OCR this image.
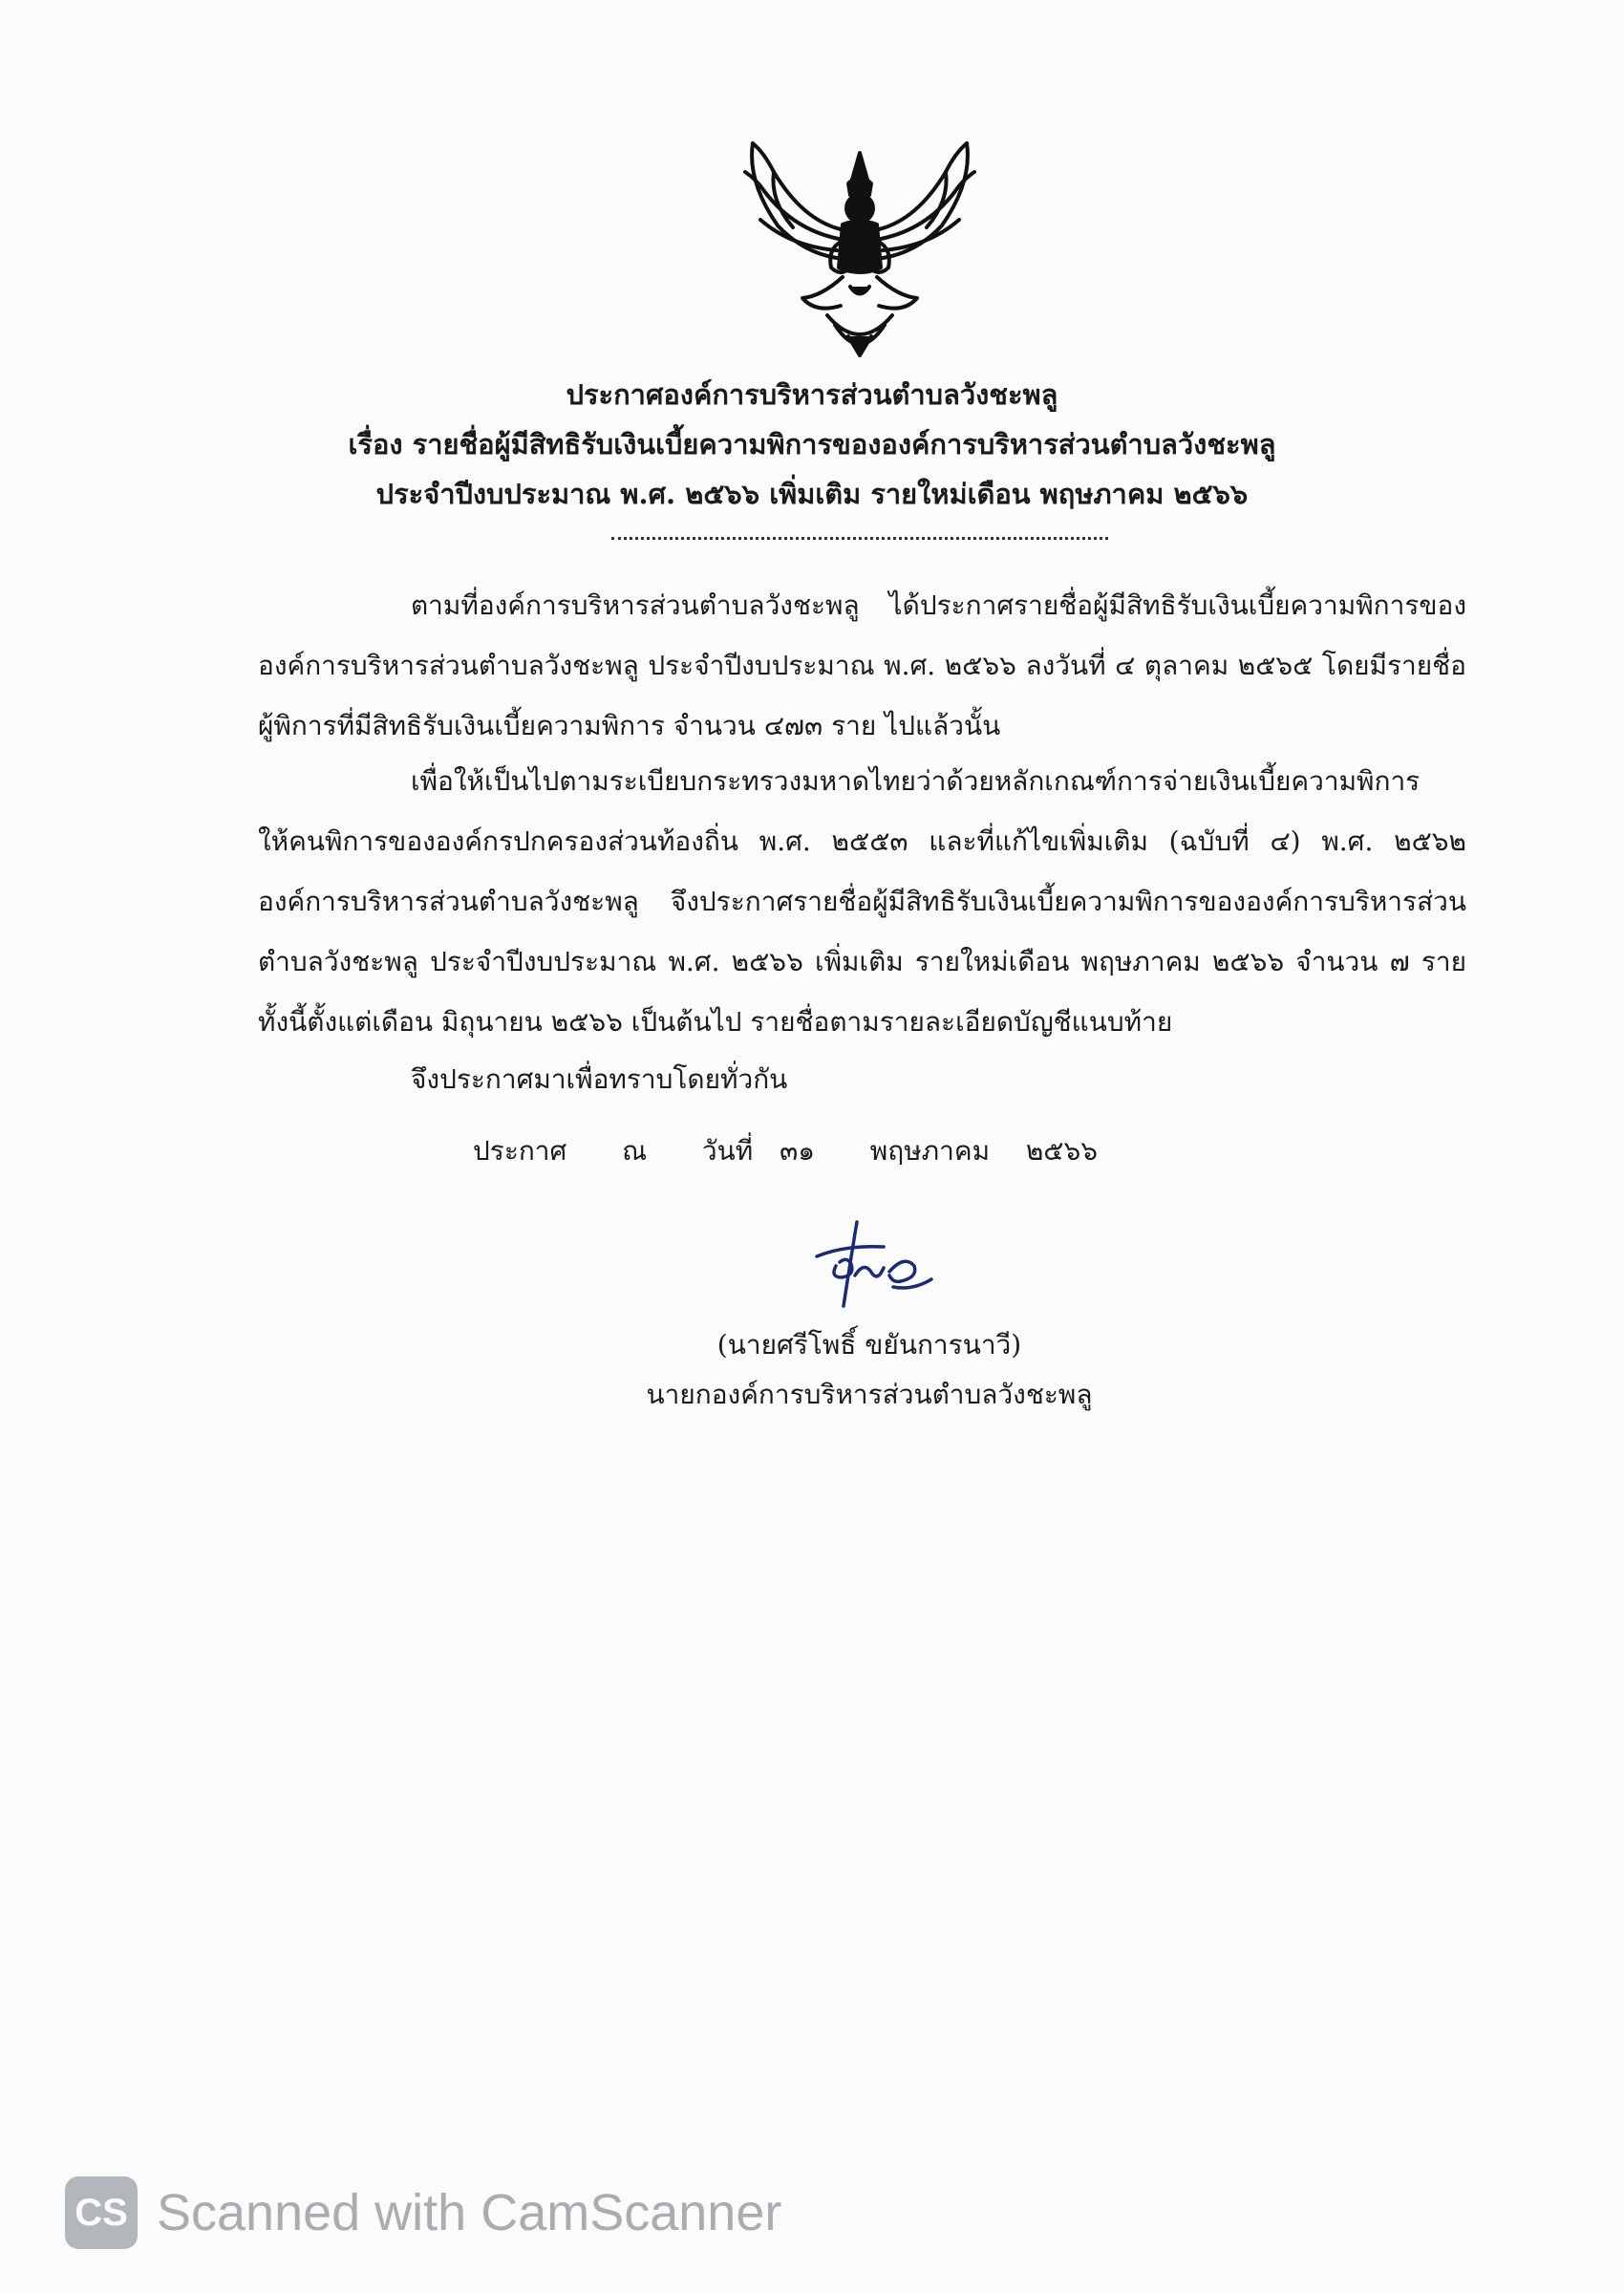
ประกาศองค์การบริหารส่วนตำบลวังชะพลู
เรื่อง รายชื่อผู้มีสิทธิรับเงินเบี้ยความพิการขององค์การบริหารส่วนตำบลวังชะพลู
ประจำปีงบประมาณ พ.ศ. ๒๕๖๖ เพิ่มเติม รายใหม่เดือน พฤษภาคม ๒๕๖๖
ตามที่องค์การบริหารส่วนตำบลวังชะพลู ได้ประกาศรายชื่อผู้มีสิทธิรับเงินเบี้ยความพิการของ
องค์การบริหารส่วนตำบลวังชะพลู ประจำปีงบประมาณ พ.ศ. ๒๕๖๖ ลงวันที่ ๔ ตุลาคม ๒๕๖๕ โดยมีรายชื่อ
ผู้พิการที่มีสิทธิรับเงินเบี้ยความพิการ จำนวน ๔๗๓ ราย ไปแล้วนั้น
เพื่อให้เป็นไปตามระเบียบกระทรวงมหาดไทยว่าด้วยหลักเกณฑ์การจ่ายเงินเบี้ยความพิการ
ให้คนพิการขององค์กรปกครองส่วนท้องถิ่น พ.ศ. ๒๕๕๓ และที่แก้ไขเพิ่มเติม (ฉบับที่ ๔) พ.ศ. ๒๕๖๒
องค์การบริหารส่วนตำบลวังชะพลู จึงประกาศรายชื่อผู้มีสิทธิรับเงินเบี้ยความพิการขององค์การบริหารส่วน
ตำบลวังชะพลู ประจำปีงบประมาณ พ.ศ. ๒๕๖๖ เพิ่มเติม รายใหม่เดือน พฤษภาคม ๒๕๖๖ จำนวน ๗ ราย
ทั้งนี้ตั้งแต่เดือน มิถุนายน ๒๕๖๖ เป็นต้นไป รายชื่อตามรายละเอียดบัญชีแนบท้าย
จึงประกาศมาเพื่อทราบโดยทั่วกัน
ประกาศ ณ วันที่ ๓๑ พฤษภาคม ๒๕๖๖
(นายศรีโพธิ์ ขยันการนาวี)
นายกองค์การบริหารส่วนตำบลวังชะพลู
CS Scanned with CamScanner
